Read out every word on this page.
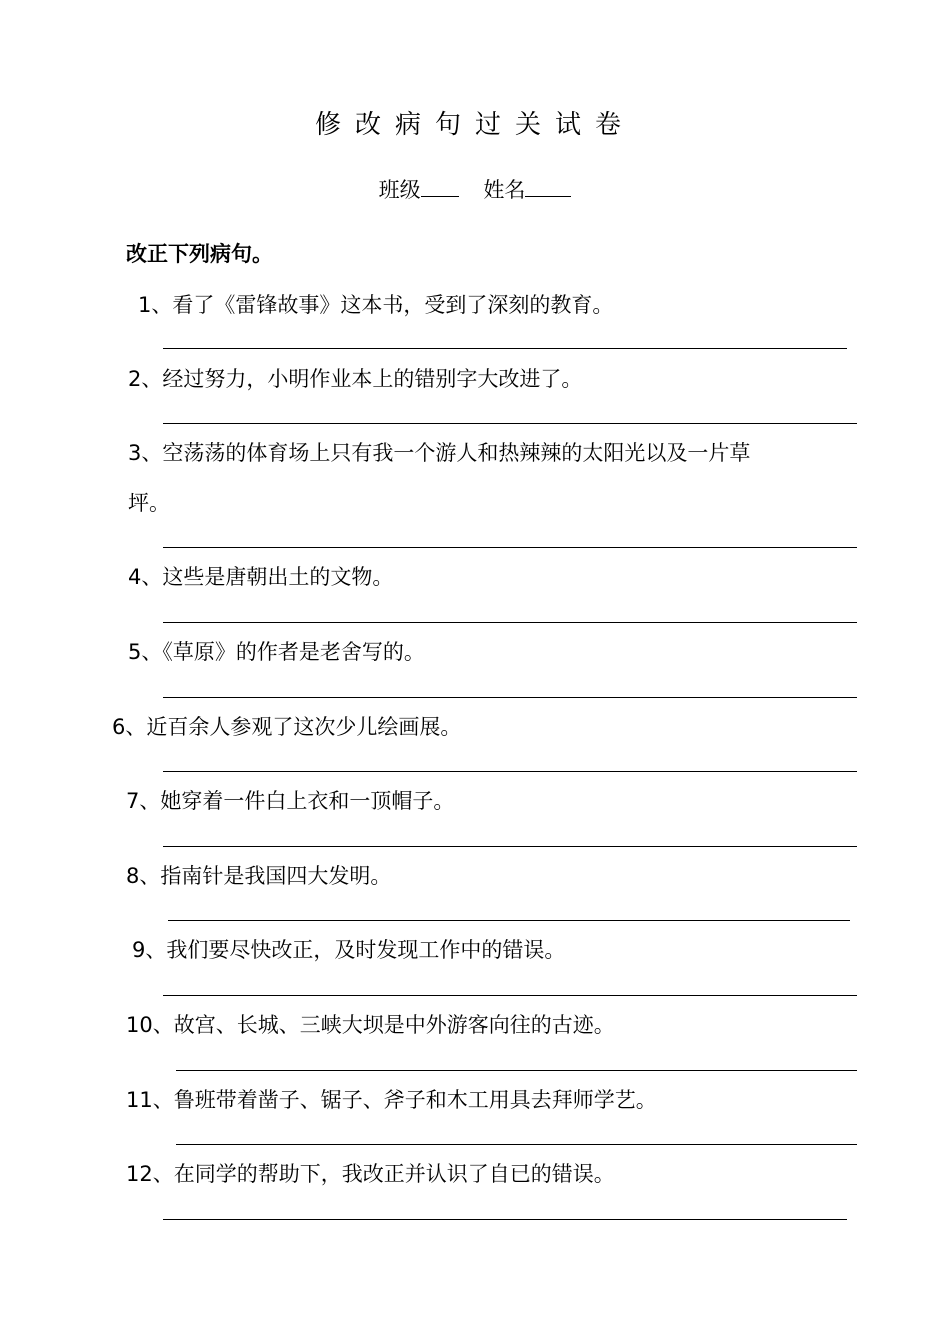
修改病句过关试卷
班级	姓名
改正下列病句。
1、看了《雷锋故事》这本书，受到了深刻的教育。
2、经过努力，小明作业本上的错别字大改进了。
3、空荡荡的体育场上只有我一个游人和热辣辣的太阳光以及一片草
坪。
4、这些是唐朝出土的文物。
5、《草原》的作者是老舍写的。
6、近百余人参观了这次少儿绘画展。
7、她穿着一件白上衣和一顶帽子。
8、指南针是我国四大发明。
9、我们要尽快改正，及时发现工作中的错误。
10、故宫、长城、三峡大坝是中外游客向往的古迹。
11、鲁班带着凿子、锯子、斧子和木工用具去拜师学艺。
12、在同学的帮助下，我改正并认识了自已的错误。
